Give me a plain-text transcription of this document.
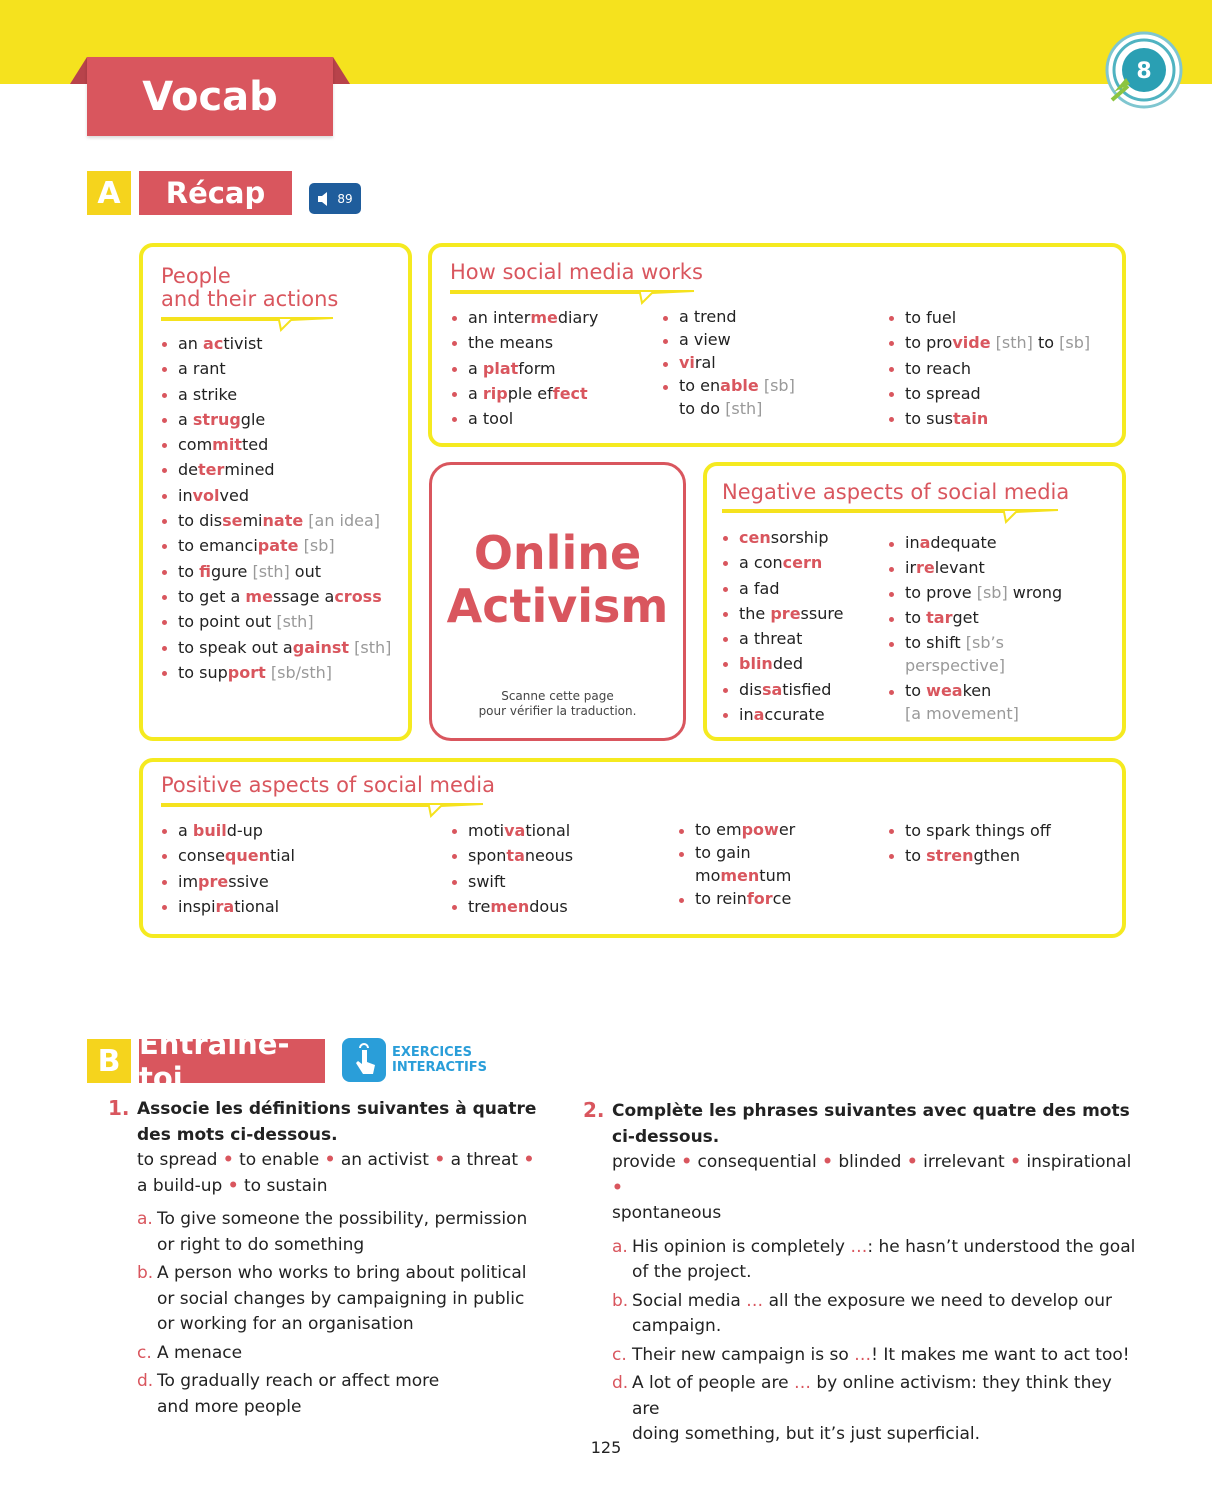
Vocab
8
A	Récap	89
People
and their actions
an activist
a rant
a strike
a struggle
committed
determined
involved
to disseminate [an idea]
to emancipate [sb]
to figure [sth] out
to get a message across
to point out [sth]
to speak out against [sth]
to support [sb/sth]
How social media works
an intermediary
the means
a platform
a ripple effect
a tool
a trend
a view
viral
to enable [sb]
to do [sth]
to fuel
to provide [sth] to [sb]
to reach
to spread
to sustain
Online
Activism
Scanne cette page
pour vérifier la traduction.
Negative aspects of social media
censorship
a concern
a fad
the pressure
a threat
blinded
dissatisfied
inaccurate
inadequate
irrelevant
to prove [sb] wrong
to target
to shift [sb’s
perspective]
to weaken
[a movement]
Positive aspects of social media
a build-up
consequential
impressive
inspirational
motivational
spontaneous
swift
tremendous
to empower
to gain
momentum
to reinforce
to spark things off
to strengthen
B Entraîne-toi
EXERCICES
INTERACTIFS
1. Associe les définitions suivantes à quatre des mots ci-dessous.
to spread • to enable • an activist • a threat •
a build-up • to sustain
a. To give someone the possibility, permission
or right to do something
b. A person who works to bring about political
or social changes by campaigning in public
or working for an organisation
c. A menace
d. To gradually reach or affect more
and more people
2. Complète les phrases suivantes avec quatre des mots ci-dessous.
provide • consequential • blinded • irrelevant • inspirational •
spontaneous
a. His opinion is completely …: he hasn’t understood the goal
of the project.
b. Social media … all the exposure we need to develop our
campaign.
c. Their new campaign is so …! It makes me want to act too!
d. A lot of people are … by online activism: they think they are
doing something, but it’s just superficial.
125
